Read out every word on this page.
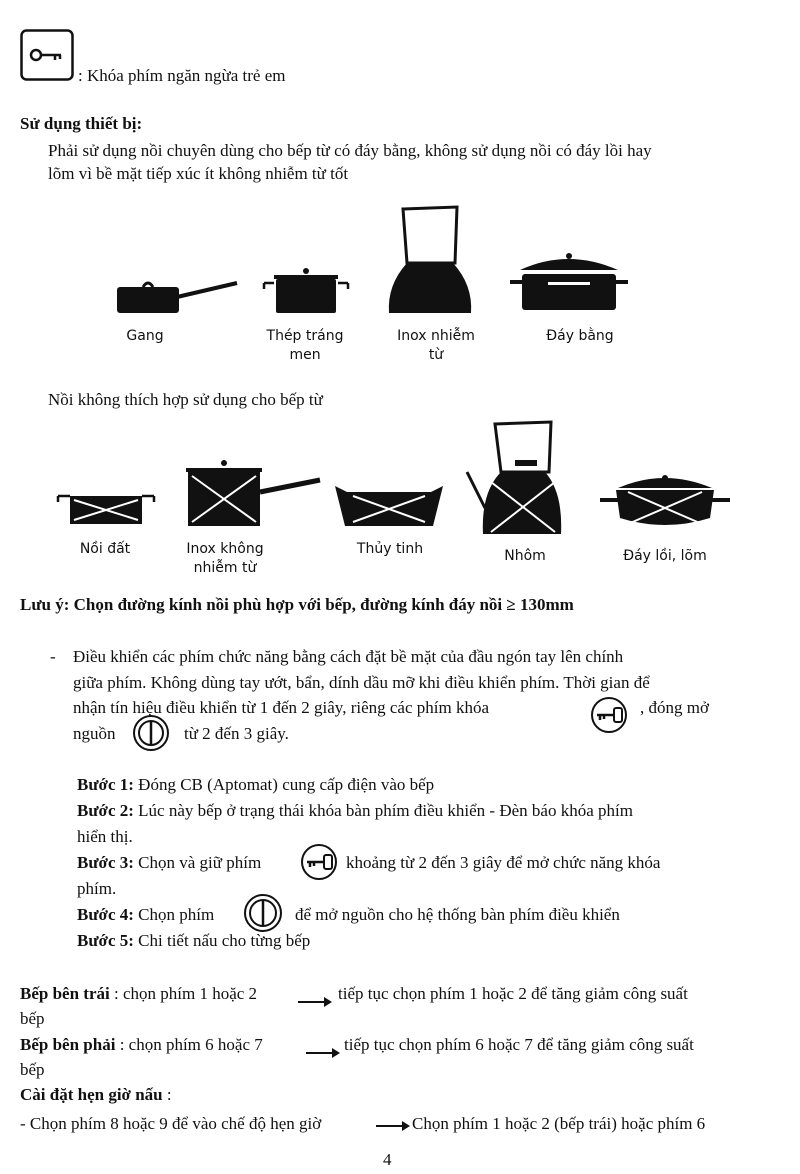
: Khóa phím ngăn ngừa trẻ em
Sử dụng thiết bị:
Phải sử dụng nồi chuyên dùng cho bếp từ có đáy bằng, không sử dụng nồi có đáy lồi hay
lõm vì bề mặt tiếp xúc ít không nhiễm từ tốt
Gang	Thép tráng
men
Inox nhiễm
từ
Đáy bằng
Nồi không thích hợp sử dụng cho bếp từ
Nồi đất	Inox không
nhiễm từ
Thủy tinh	Nhôm	Đáy lồi, lõm
Lưu ý: Chọn đường kính nồi phù hợp với bếp, đường kính đáy nồi ≥ 130mm
- Điều khiển các phím chức năng bằng cách đặt bề mặt của đầu ngón tay lên chính
giữa phím. Không dùng tay ướt, bẩn, dính dầu mỡ khi điều khiển phím. Thời gian để
nhận tín hiệu điều khiển từ 1 đến 2 giây, riêng các phím khóa	, đóng mở
nguồn	từ 2 đến 3 giây.
Bước 1: Đóng CB (Aptomat) cung cấp điện vào bếp
Bước 2: Lúc này bếp ở trạng thái khóa bàn phím điều khiển - Đèn báo khóa phím
hiển thị.
Bước 3: Chọn và giữ phím	khoảng từ 2 đến 3 giây để mở chức năng khóa
phím.
Bước 4: Chọn phím	để mở nguồn cho hệ thống bàn phím điều khiển
Bước 5: Chi tiết nấu cho từng bếp
Bếp bên trái : chọn phím 1 hoặc 2	tiếp tục chọn phím 1 hoặc 2 để tăng giảm công suất
bếp
Bếp bên phải : chọn phím 6 hoặc 7	tiếp tục chọn phím 6 hoặc 7 để tăng giảm công suất
bếp
Cài đặt hẹn giờ nấu :
- Chọn phím 8 hoặc 9 để vào chế độ hẹn giờ	Chọn phím 1 hoặc 2 (bếp trái) hoặc phím 6
4
